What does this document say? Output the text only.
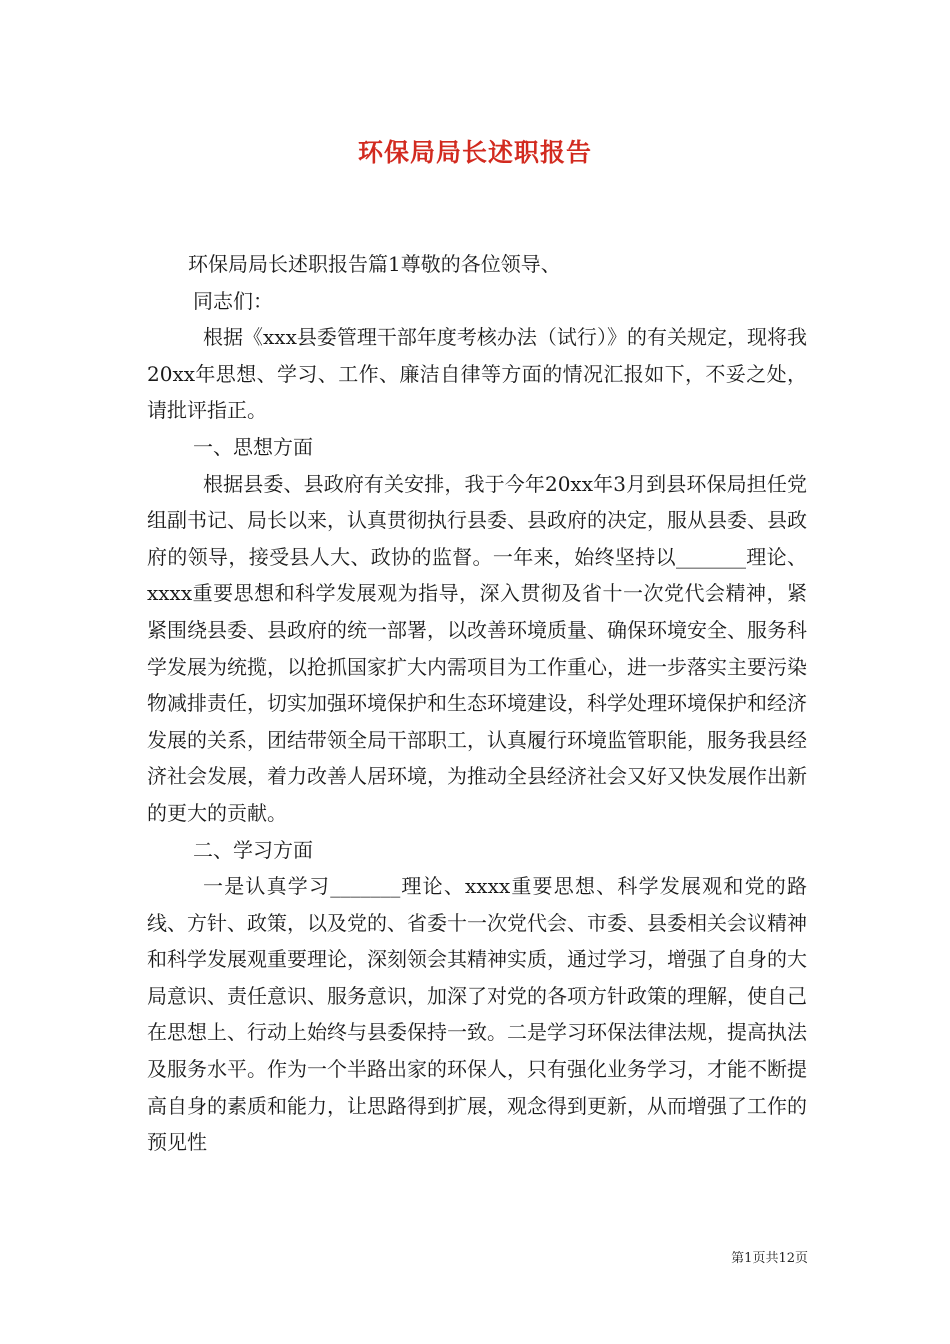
环保局局长述职报告

环保局局长述职报告篇1尊敬的各位领导、

同志们：

根据《xxx县委管理干部年度考核办法（试行）》的有关规定，现将我20xx年思想、学习、工作、廉洁自律等方面的情况汇报如下，不妥之处，请批评指正。

一、思想方面

根据县委、县政府有关安排，我于今年20xx年3月到县环保局担任党组副书记、局长以来，认真贯彻执行县委、县政府的决定，服从县委、县政府的领导，接受县人大、政协的监督。一年来，始终坚持以_______理论、xxxx重要思想和科学发展观为指导，深入贯彻及省十一次党代会精神，紧紧围绕县委、县政府的统一部署，以改善环境质量、确保环境安全、服务科学发展为统揽，以抢抓国家扩大内需项目为工作重心，进一步落实主要污染物减排责任，切实加强环境保护和生态环境建设，科学处理环境保护和经济发展的关系，团结带领全局干部职工，认真履行环境监管职能，服务我县经济社会发展，着力改善人居环境，为推动全县经济社会又好又快发展作出新的更大的贡献。

二、学习方面

一是认真学习_______理论、xxxx重要思想、科学发展观和党的路线、方针、政策，以及党的、省委十一次党代会、市委、县委相关会议精神和科学发展观重要理论，深刻领会其精神实质，通过学习，增强了自身的大局意识、责任意识、服务意识，加深了对党的各项方针政策的理解，使自己在思想上、行动上始终与县委保持一致。二是学习环保法律法规，提高执法及服务水平。作为一个半路出家的环保人，只有强化业务学习，才能不断提高自身的素质和能力，让思路得到扩展，观念得到更新，从而增强了工作的预见性

第1页共12页
